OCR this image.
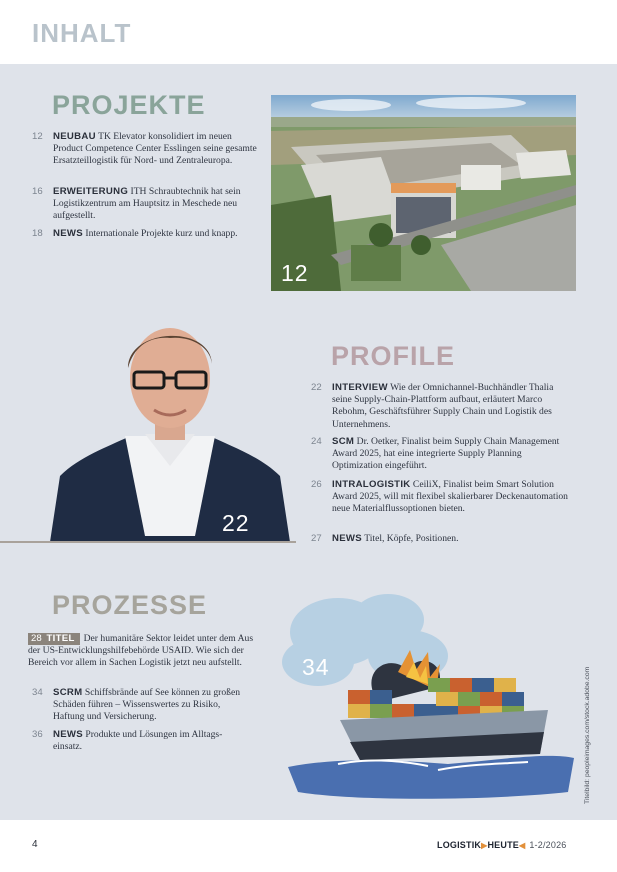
INHALT
PROJEKTE
12	NEUBAU TK Elevator konsolidiert im neuen Product Competence Center Esslingen seine gesamte Ersatzteillogistik für Nord- und Zentraleuropa.
16	ERWEITERUNG ITH Schraubtechnik hat sein Logistikzentrum am Hauptsitz in Meschede neu aufgestellt.
18	NEWS Internationale Projekte kurz und knapp.
12
22
PROFILE
22	INTERVIEW Wie der Omnichannel-Buchhändler Thalia seine Supply-Chain-Plattform aufbaut, erläutert Marco Rebohm, Geschäftsführer Supply Chain und Logistik des Unternehmens.
24	SCM Dr. Oetker, Finalist beim Supply Chain Management Award 2025, hat eine integrierte Supply Planning Optimization eingeführt.
26	INTRALOGISTIK CeiliX, Finalist beim Smart Solution Award 2025, will mit flexibel skalierbarer Deckenautomation neue Materialflussoptionen bieten.
27	NEWS Titel, Köpfe, Positionen.
PROZESSE
28 TITEL Der humanitäre Sektor leidet unter dem Aus der US-Entwicklungshilfebehörde USAID. Wie sich der Bereich vor allem in Sachen Logistik jetzt neu aufstellt.
34	SCRM Schiffsbrände auf See können zu großen Schäden führen – Wissenswertes zu Risiko, Haftung und Versicherung.
36	NEWS Produkte und Lösungen im Alltags-einsatz.
34	Titelbild: peopleimages.com/stock.adobe.com
4	LOGISTIK▶HEUTE◀ 1-2/2026
